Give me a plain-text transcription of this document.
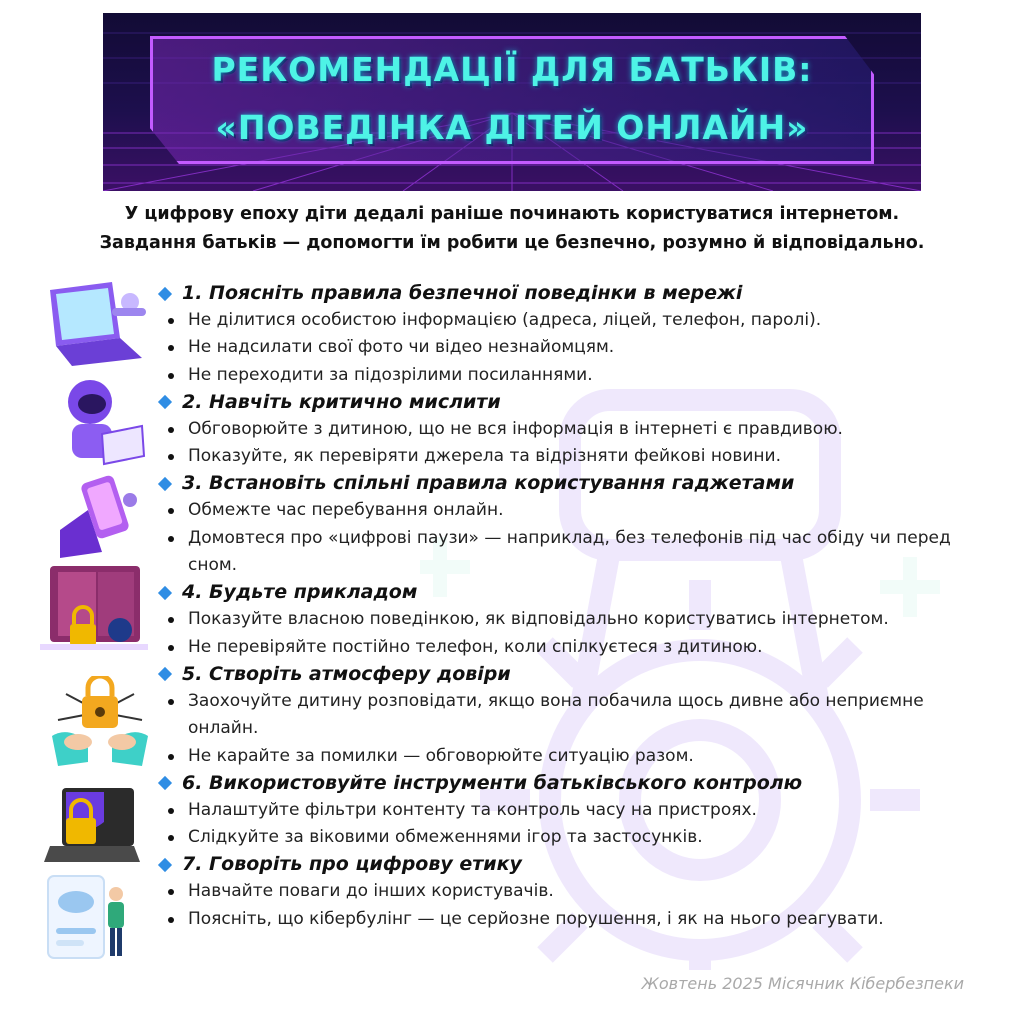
РЕКОМЕНДАЦІЇ ДЛЯ БАТЬКІВ:
«ПОВЕДІНКА ДІТЕЙ ОНЛАЙН»
У цифрову епоху діти дедалі раніше починають користуватися інтернетом.
Завдання батьків — допомогти їм робити це безпечно, розумно й відповідально.
1. Поясніть правила безпечної поведінки в мережі
Не ділитися особистою інформацією (адреса, ліцей, телефон, паролі).
Не надсилати свої фото чи відео незнайомцям.
Не переходити за підозрілими посиланнями.
2. Навчіть критично мислити
Обговорюйте з дитиною, що не вся інформація в інтернеті є правдивою.
Показуйте, як перевіряти джерела та відрізняти фейкові новини.
3. Встановіть спільні правила користування гаджетами
Обмежте час перебування онлайн.
Домовтеся про «цифрові паузи» — наприклад, без телефонів під час обіду чи перед сном.
4. Будьте прикладом
Показуйте власною поведінкою, як відповідально користуватись інтернетом.
Не перевіряйте постійно телефон, коли спілкуєтеся з дитиною.
5. Створіть атмосферу довіри
Заохочуйте дитину розповідати, якщо вона побачила щось дивне або неприємне онлайн.
Не карайте за помилки — обговорюйте ситуацію разом.
6. Використовуйте інструменти батьківського контролю
Налаштуйте фільтри контенту та контроль часу на пристроях.
Слідкуйте за віковими обмеженнями ігор та застосунків.
7. Говоріть про цифрову етику
Навчайте поваги до інших користувачів.
Поясніть, що кібербулінг — це серйозне порушення, і як на нього реагувати.
Жовтень 2025 Місячник Кібербезпеки
